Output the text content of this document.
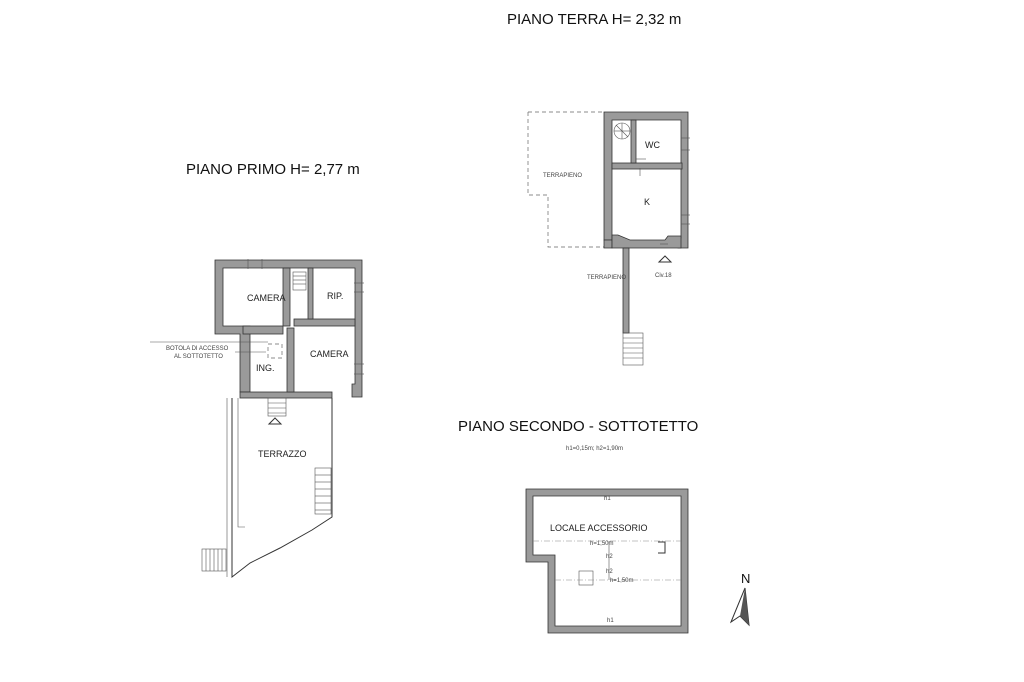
PIANO TERRA H= 2,32 m
PIANO PRIMO H= 2,77 m
PIANO SECONDO - SOTTOTETTO
h1=0,15m; h2=1,90m
WC
K
TERRAPIENO
TERRAPIENO	Civ.18
BOTOLA DI ACCESSO
AL SOTTOTETTO
CAMERA	RIP.
CAMERA
ING.
TERRAZZO
LOCALE ACCESSORIO
h1
h=1,50m
h2
h2
h=1,50m
h1
N
